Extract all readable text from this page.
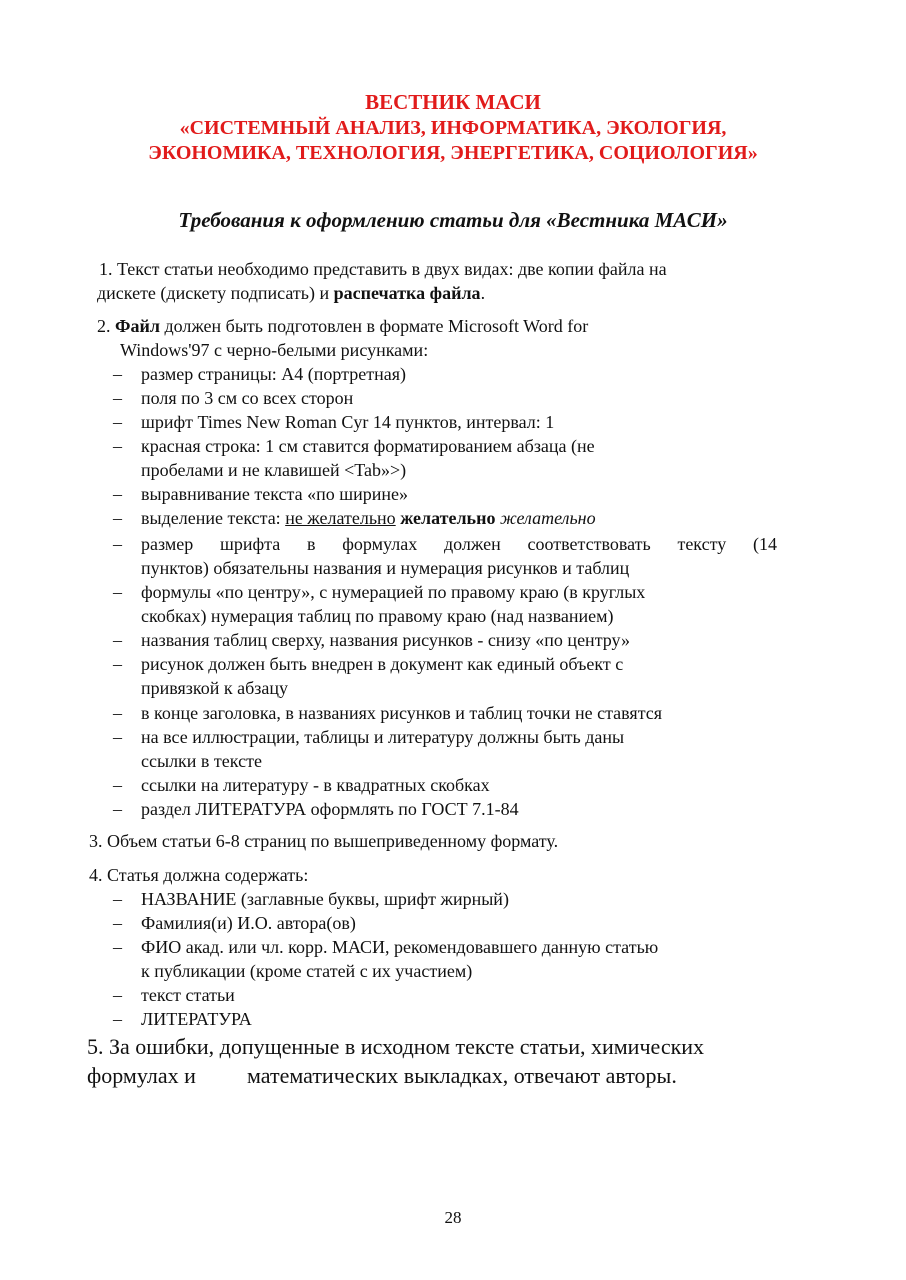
ВЕСТНИК МАСИ
«СИСТЕМНЫЙ АНАЛИЗ, ИНФОРМАТИКА, ЭКОЛОГИЯ,
ЭКОНОМИКА, ТЕХНОЛОГИЯ, ЭНЕРГЕТИКА, СОЦИОЛОГИЯ»
Требования к оформлению статьи для «Вестника МАСИ»
1. Текст статьи необходимо представить в двух видах: две копии файла на
дискете (дискету подписать) и распечатка файла.
2. Файл должен быть подготовлен в формате Microsoft Word for
Windows'97 с черно-белыми рисунками:
– размер страницы: А4 (портретная)
– поля по 3 см со всех сторон
– шрифт Times New Roman Cyr 14 пунктов, интервал: 1
– красная строка: 1 см ставится форматированием абзаца (не
пробелами и не клавишей <Tab»>)
– выравнивание текста «по ширине»
– выделение текста: не желательно желательно желательно
– размер шрифта в формулах должен соответствовать тексту (14
пунктов) обязательны названия и нумерация рисунков и таблиц
– формулы «по центру», с нумерацией по правому краю (в круглых
скобках) нумерация таблиц по правому краю (над названием)
– названия таблиц сверху, названия рисунков - снизу «по центру»
– рисунок должен быть внедрен в документ как единый объект с
привязкой к абзацу
– в конце заголовка, в названиях рисунков и таблиц точки не ставятся
– на все иллюстрации, таблицы и литературу должны быть даны
ссылки в тексте
– ссылки на литературу - в квадратных скобках
– раздел ЛИТЕРАТУРА оформлять по ГОСТ 7.1-84
3. Объем статьи 6-8 страниц по вышеприведенному формату.
4. Статья должна содержать:
– НАЗВАНИЕ (заглавные буквы, шрифт жирный)
– Фамилия(и) И.О. автора(ов)
– ФИО акад. или чл. корр. МАСИ, рекомендовавшего данную статью
к публикации (кроме статей с их участием)
– текст статьи
– ЛИТЕРАТУРА
5. За ошибки, допущенные в исходном тексте статьи, химических
формулах и математических выкладках, отвечают авторы.
28
